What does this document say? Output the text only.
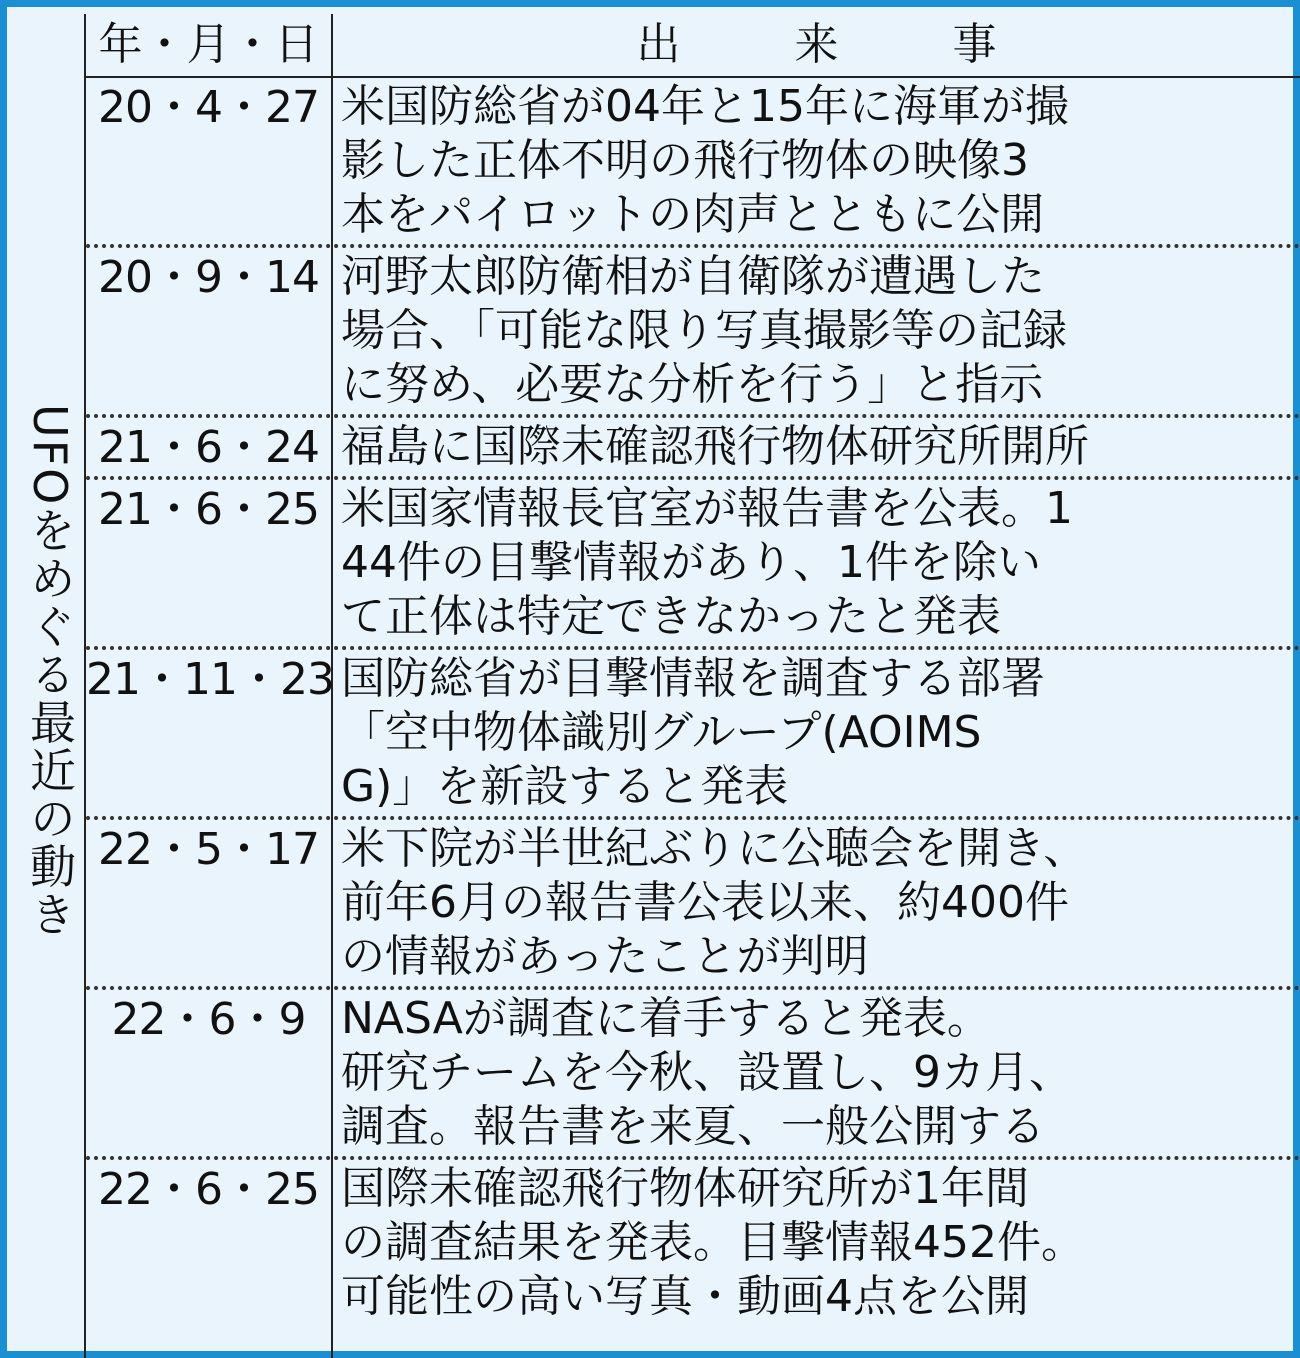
UFOをめぐる最近の動き
年・月・日	出 来 事
20・4・27 米国防総省が04年と15年に海軍が撮
影した正体不明の飛行物体の映像3
本をパイロットの肉声とともに公開
20・9・14 河野太郎防衛相が自衛隊が遭遇した
場合、「可能な限り写真撮影等の記録
に努め、必要な分析を行う」と指示
21・6・24 福島に国際未確認飛行物体研究所開所
21・6・25 米国家情報長官室が報告書を公表。1
44件の目撃情報があり、1件を除い
て正体は特定できなかったと発表
21・11・23 国防総省が目撃情報を調査する部署
「空中物体識別グループ(AOIMS
G)」を新設すると発表
22・5・17 米下院が半世紀ぶりに公聴会を開き、
前年6月の報告書公表以来、約400件
の情報があったことが判明
22・6・9 NASAが調査に着手すると発表。
研究チームを今秋、設置し、9カ月、
調査。報告書を来夏、一般公開する
22・6・25 国際未確認飛行物体研究所が1年間
の調査結果を発表。目撃情報452件。
可能性の高い写真・動画4点を公開
